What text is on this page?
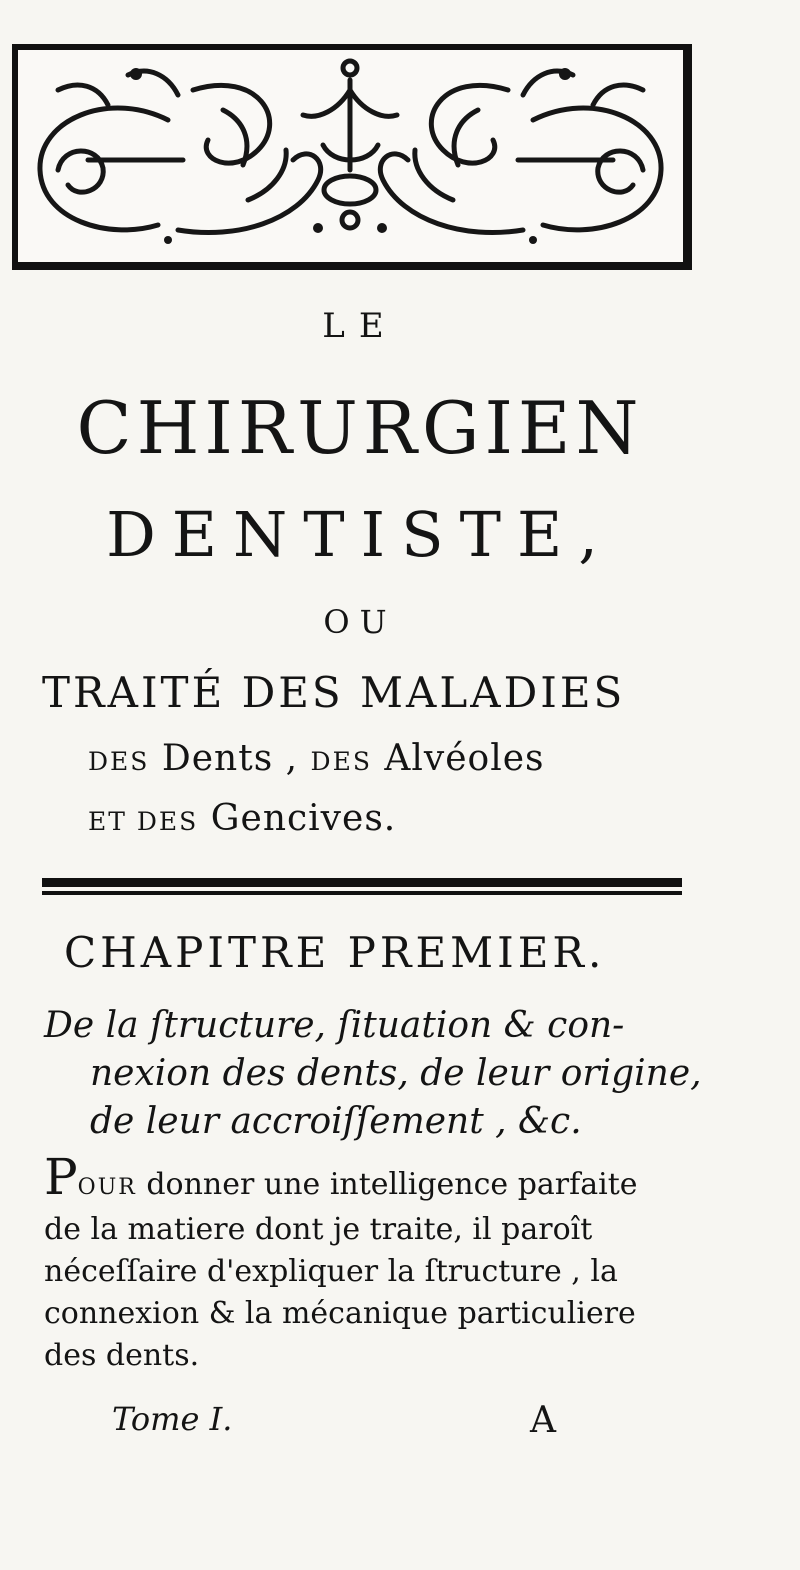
LE
CHIRURGIEN
DENTISTE,
OU
TRAITÉ DES MALADIES
DES Dents , DES Alvéoles
ET DES Gencives.
CHAPITRE PREMIER.
De la ſtructure, ſituation & con-
nexion des dents, de leur origine,
de leur accroiſſement , &c.
POUR donner une intelligence parfaite
de la matiere dont je traite, il paroît
néceſſaire d'expliquer la ſtructure , la
connexion & la mécanique particuliere
des dents.
Tome I.	A
